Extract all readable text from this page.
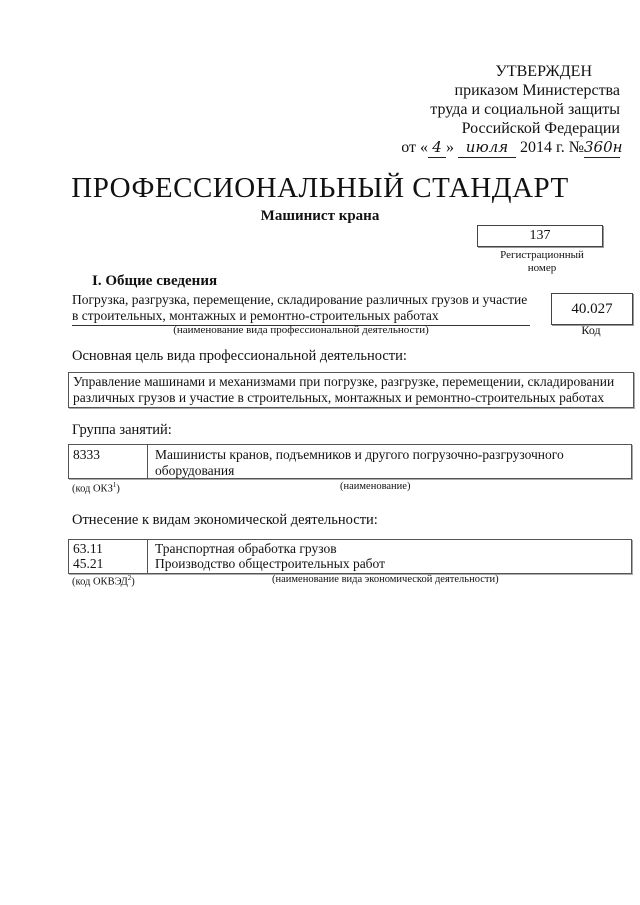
УТВЕРЖДЕН
приказом Министерства
труда и социальной защиты
Российской Федерации
от « 4 » июля 2014 г. №360н
ПРОФЕССИОНАЛЬНЫЙ СТАНДАРТ
Машинист крана
137
Регистрационный номер
I. Общие сведения
Погрузка, разгрузка, перемещение, складирование различных грузов и участие в строительных, монтажных и ремонтно-строительных работах
(наименование вида профессиональной деятельности)
40.027
Код
Основная цель вида профессиональной деятельности:
Управление машинами и механизмами при погрузке, разгрузке, перемещении, складировании различных грузов и участие в строительных, монтажных и ремонтно-строительных работах
Группа занятий:
8333	Машинисты кранов, подъемников и другого погрузочно-разгрузочного оборудования
(код ОКЗ$^1$)	(наименование)
Отнесение к видам экономической деятельности:
63.11	Транспортная обработка грузов
45.21	Производство общестроительных работ
(код ОКВЭД$^2$)	(наименование вида экономической деятельности)
